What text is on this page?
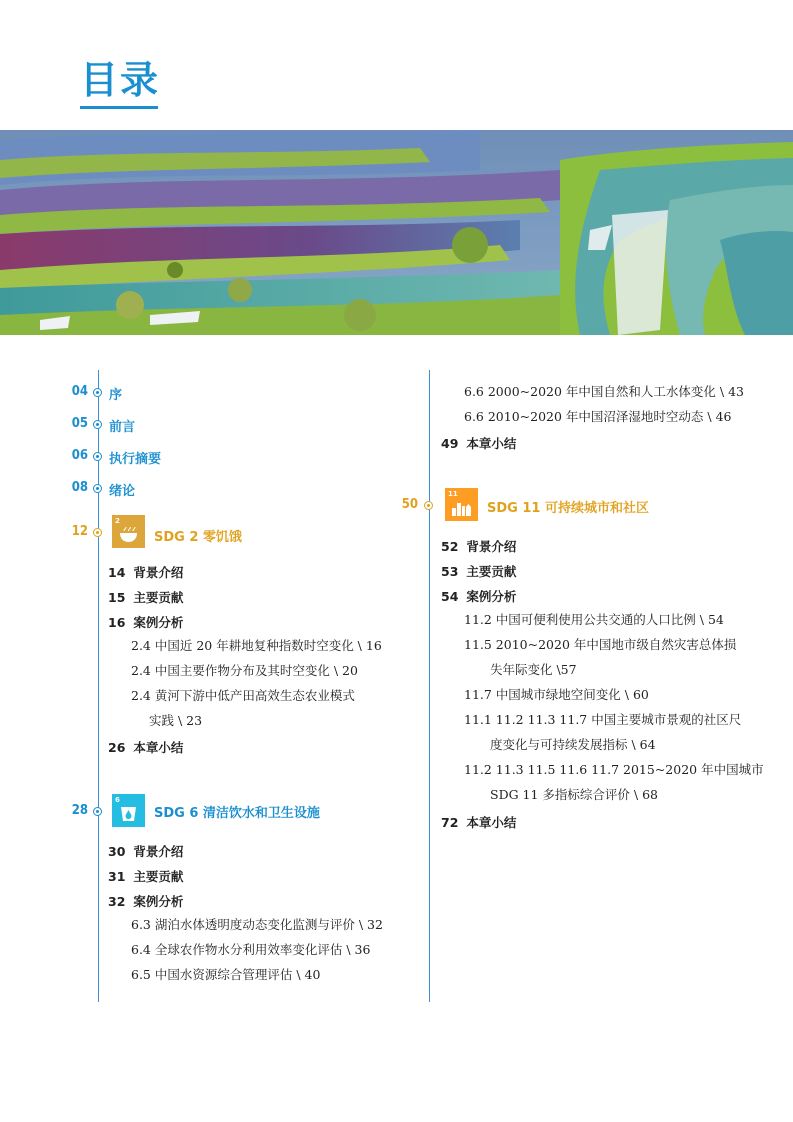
目录
04 序
05 前言
06 执行摘要
08 绪论
12
2
SDG 2 零饥饿
14 背景介绍
15 主要贡献
16 案例分析
2.4 中国近 20 年耕地复种指数时空变化 \ 16
2.4 中国主要作物分布及其时空变化 \ 20
2.4 黄河下游中低产田高效生态农业模式
实践 \ 23
26 本章小结
28
6
SDG 6 清洁饮水和卫生设施
30 背景介绍
31 主要贡献
32 案例分析
6.3 湖泊水体透明度动态变化监测与评价 \ 32
6.4 全球农作物水分利用效率变化评估 \ 36
6.5 中国水资源综合管理评估 \ 40
6.6 2000~2020 年中国自然和人工水体变化 \ 43
6.6 2010~2020 年中国沼泽湿地时空动态 \ 46
49 本章小结
50
11
SDG 11 可持续城市和社区
52 背景介绍
53 主要贡献
54 案例分析
11.2 中国可便利使用公共交通的人口比例 \ 54
11.5 2010~2020 年中国地市级自然灾害总体损
失年际变化 \57
11.7 中国城市绿地空间变化 \ 60
11.1 11.2 11.3 11.7 中国主要城市景观的社区尺
度变化与可持续发展指标 \ 64
11.2 11.3 11.5 11.6 11.7 2015~2020 年中国城市
SDG 11 多指标综合评价 \ 68
72 本章小结
